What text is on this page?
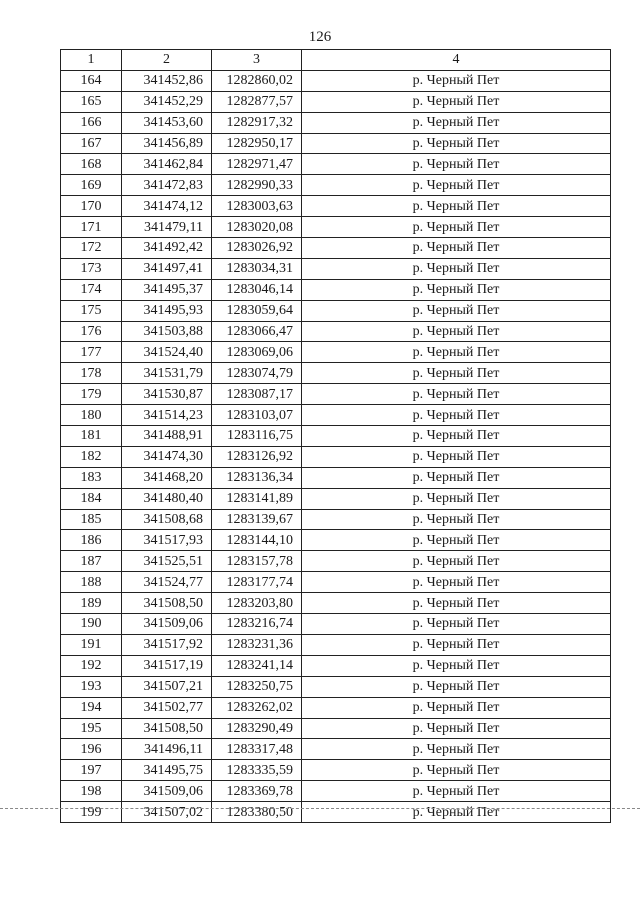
126
1	2	3	4
164	341452,86	1282860,02	р. Черный Пет
165	341452,29	1282877,57	р. Черный Пет
166	341453,60	1282917,32	р. Черный Пет
167	341456,89	1282950,17	р. Черный Пет
168	341462,84	1282971,47	р. Черный Пет
169	341472,83	1282990,33	р. Черный Пет
170	341474,12	1283003,63	р. Черный Пет
171	341479,11	1283020,08	р. Черный Пет
172	341492,42	1283026,92	р. Черный Пет
173	341497,41	1283034,31	р. Черный Пет
174	341495,37	1283046,14	р. Черный Пет
175	341495,93	1283059,64	р. Черный Пет
176	341503,88	1283066,47	р. Черный Пет
177	341524,40	1283069,06	р. Черный Пет
178	341531,79	1283074,79	р. Черный Пет
179	341530,87	1283087,17	р. Черный Пет
180	341514,23	1283103,07	р. Черный Пет
181	341488,91	1283116,75	р. Черный Пет
182	341474,30	1283126,92	р. Черный Пет
183	341468,20	1283136,34	р. Черный Пет
184	341480,40	1283141,89	р. Черный Пет
185	341508,68	1283139,67	р. Черный Пет
186	341517,93	1283144,10	р. Черный Пет
187	341525,51	1283157,78	р. Черный Пет
188	341524,77	1283177,74	р. Черный Пет
189	341508,50	1283203,80	р. Черный Пет
190	341509,06	1283216,74	р. Черный Пет
191	341517,92	1283231,36	р. Черный Пет
192	341517,19	1283241,14	р. Черный Пет
193	341507,21	1283250,75	р. Черный Пет
194	341502,77	1283262,02	р. Черный Пет
195	341508,50	1283290,49	р. Черный Пет
196	341496,11	1283317,48	р. Черный Пет
197	341495,75	1283335,59	р. Черный Пет
198	341509,06	1283369,78	р. Черный Пет
199	341507,02	1283380,50	р. Черный Пет
